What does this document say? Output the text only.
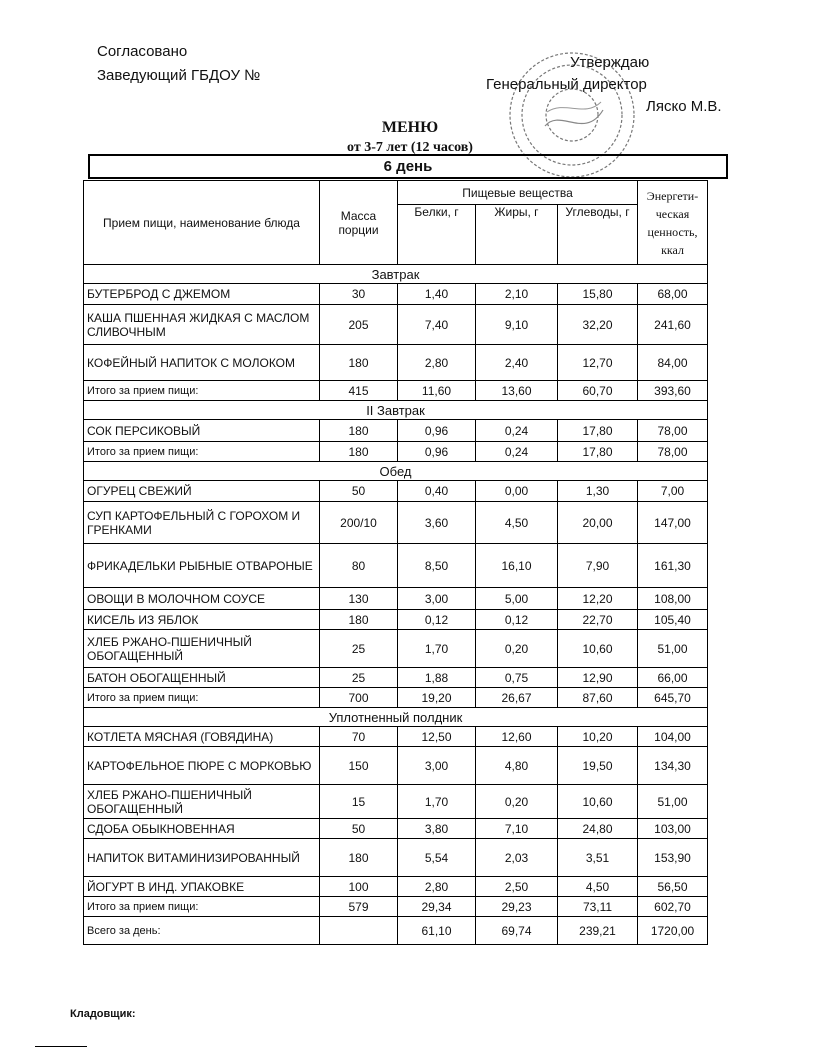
Согласовано
Заведующий ГБДОУ №
Утверждаю
Генеральный директор
Ляско М.В.
МЕНЮ
от 3-7 лет (12 часов)
6 день
Прием пищи, наименование блюда	Масса порции	Пищевые вещества			Энергети-ческая ценность, ккал
		Белки, г	Жиры, г	Углеводы, г	
Завтрак					
БУТЕРБРОД С ДЖЕМОМ	30	1,40	2,10	15,80	68,00
КАША ПШЕННАЯ ЖИДКАЯ С МАСЛОМ СЛИВОЧНЫМ	205	7,40	9,10	32,20	241,60
КОФЕЙНЫЙ НАПИТОК С МОЛОКОМ	180	2,80	2,40	12,70	84,00
Итого за прием пищи:	415	11,60	13,60	60,70	393,60
II Завтрак					
СОК ПЕРСИКОВЫЙ	180	0,96	0,24	17,80	78,00
Итого за прием пищи:	180	0,96	0,24	17,80	78,00
Обед					
ОГУРЕЦ СВЕЖИЙ	50	0,40	0,00	1,30	7,00
СУП КАРТОФЕЛЬНЫЙ С ГОРОХОМ И ГРЕНКАМИ	200/10	3,60	4,50	20,00	147,00
ФРИКАДЕЛЬКИ РЫБНЫЕ ОТВАРОНЫЕ	80	8,50	16,10	7,90	161,30
ОВОЩИ В МОЛОЧНОМ СОУСЕ	130	3,00	5,00	12,20	108,00
КИСЕЛЬ ИЗ ЯБЛОК	180	0,12	0,12	22,70	105,40
ХЛЕБ РЖАНО-ПШЕНИЧНЫЙ ОБОГАЩЕННЫЙ	25	1,70	0,20	10,60	51,00
БАТОН ОБОГАЩЕННЫЙ	25	1,88	0,75	12,90	66,00
Итого за прием пищи:	700	19,20	26,67	87,60	645,70
Уплотненный полдник					
КОТЛЕТА МЯСНАЯ (ГОВЯДИНА)	70	12,50	12,60	10,20	104,00
КАРТОФЕЛЬНОЕ ПЮРЕ С МОРКОВЬЮ	150	3,00	4,80	19,50	134,30
ХЛЕБ РЖАНО-ПШЕНИЧНЫЙ ОБОГАЩЕННЫЙ	15	1,70	0,20	10,60	51,00
СДОБА ОБЫКНОВЕННАЯ	50	3,80	7,10	24,80	103,00
НАПИТОК ВИТАМИНИЗИРОВАННЫЙ	180	5,54	2,03	3,51	153,90
ЙОГУРТ В ИНД. УПАКОВКЕ	100	2,80	2,50	4,50	56,50
Итого за прием пищи:	579	29,34	29,23	73,11	602,70
Всего за день:		61,10	69,74	239,21	1720,00
Кладовщик:
